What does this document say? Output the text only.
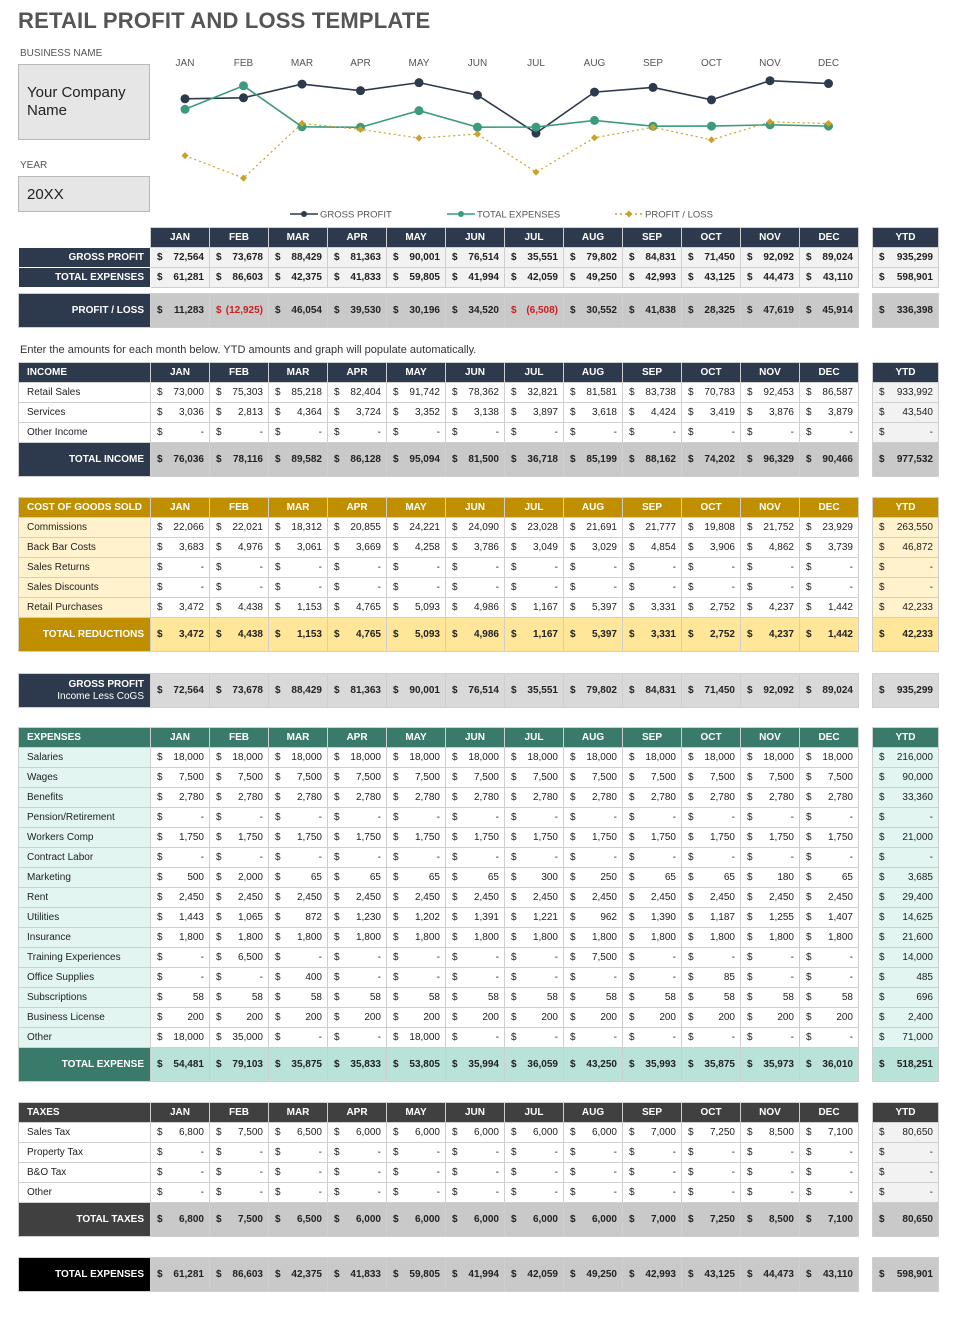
RETAIL PROFIT AND LOSS TEMPLATE
BUSINESS NAME
Your Company Name
YEAR
20XX
JAN	FEB	MAR	APR	MAY	JUN	JUL	AUG	SEP	OCT	NOV	DEC
GROSS PROFIT	TOTAL EXPENSES	PROFIT / LOSS
Enter the amounts for each month below. YTD amounts and graph will populate automatically.
	JAN	FEB	MAR	APR	MAY	JUN	JUL	AUG	SEP	OCT	NOV	DEC		YTD
GROSS PROFIT	$ 72,564	$ 73,678	$ 88,429	$ 81,363	$ 90,001	$ 76,514	$ 35,551	$ 79,802	$ 84,831	$ 71,450	$ 92,092	$ 89,024		$ 935,299

TOTAL EXPENSES	$ 61,281	$ 86,603	$ 42,375	$ 41,833	$ 59,805	$ 41,994	$ 42,059	$ 49,250	$ 42,993	$ 43,125	$ 44,473	$ 43,110		$ 598,901

PROFIT / LOSS	$ 11,283	$ (12,925)	$ 46,054	$ 39,530	$ 30,196	$ 34,520	$ (6,508)	$ 30,552	$ 41,838	$ 28,325	$ 47,619	$ 45,914		$ 336,398
INCOME	JAN	FEB	MAR	APR	MAY	JUN	JUL	AUG	SEP	OCT	NOV	DEC		YTD
Retail Sales	$ 73,000	$ 75,303	$ 85,218	$ 82,404	$ 91,742	$ 78,362	$ 32,821	$ 81,581	$ 83,738	$ 70,783	$ 92,453	$ 86,587		$ 933,992

Services	$ 3,036	$ 2,813	$ 4,364	$ 3,724	$ 3,352	$ 3,138	$ 3,897	$ 3,618	$ 4,424	$ 3,419	$ 3,876	$ 3,879		$ 43,540

Other Income	$ -	$ -	$ -	$ -	$ -	$ -	$ -	$ -	$ -	$ -	$ -	$ -		$ -

TOTAL INCOME	$ 76,036	$ 78,116	$ 89,582	$ 86,128	$ 95,094	$ 81,500	$ 36,718	$ 85,199	$ 88,162	$ 74,202	$ 96,329	$ 90,466		$ 977,532
COST OF GOODS SOLD	JAN	FEB	MAR	APR	MAY	JUN	JUL	AUG	SEP	OCT	NOV	DEC		YTD
Commissions	$ 22,066	$ 22,021	$ 18,312	$ 20,855	$ 24,221	$ 24,090	$ 23,028	$ 21,691	$ 21,777	$ 19,808	$ 21,752	$ 23,929		$ 263,550

Back Bar Costs	$ 3,683	$ 4,976	$ 3,061	$ 3,669	$ 4,258	$ 3,786	$ 3,049	$ 3,029	$ 4,854	$ 3,906	$ 4,862	$ 3,739		$ 46,872

Sales Returns	$ -	$ -	$ -	$ -	$ -	$ -	$ -	$ -	$ -	$ -	$ -	$ -		$ -

Sales Discounts	$ -	$ -	$ -	$ -	$ -	$ -	$ -	$ -	$ -	$ -	$ -	$ -		$ -

Retail Purchases	$ 3,472	$ 4,438	$ 1,153	$ 4,765	$ 5,093	$ 4,986	$ 1,167	$ 5,397	$ 3,331	$ 2,752	$ 4,237	$ 1,442		$ 42,233

TOTAL REDUCTIONS	$ 3,472	$ 4,438	$ 1,153	$ 4,765	$ 5,093	$ 4,986	$ 1,167	$ 5,397	$ 3,331	$ 2,752	$ 4,237	$ 1,442		$ 42,233
GROSS PROFIT
Income Less CoGS	$ 72,564	$ 73,678	$ 88,429	$ 81,363	$ 90,001	$ 76,514	$ 35,551	$ 79,802	$ 84,831	$ 71,450	$ 92,092	$ 89,024		$ 935,299
EXPENSES	JAN	FEB	MAR	APR	MAY	JUN	JUL	AUG	SEP	OCT	NOV	DEC		YTD
Salaries	$ 18,000	$ 18,000	$ 18,000	$ 18,000	$ 18,000	$ 18,000	$ 18,000	$ 18,000	$ 18,000	$ 18,000	$ 18,000	$ 18,000		$ 216,000

Wages	$ 7,500	$ 7,500	$ 7,500	$ 7,500	$ 7,500	$ 7,500	$ 7,500	$ 7,500	$ 7,500	$ 7,500	$ 7,500	$ 7,500		$ 90,000

Benefits	$ 2,780	$ 2,780	$ 2,780	$ 2,780	$ 2,780	$ 2,780	$ 2,780	$ 2,780	$ 2,780	$ 2,780	$ 2,780	$ 2,780		$ 33,360

Pension/Retirement	$ -	$ -	$ -	$ -	$ -	$ -	$ -	$ -	$ -	$ -	$ -	$ -		$ -

Workers Comp	$ 1,750	$ 1,750	$ 1,750	$ 1,750	$ 1,750	$ 1,750	$ 1,750	$ 1,750	$ 1,750	$ 1,750	$ 1,750	$ 1,750		$ 21,000

Contract Labor	$ -	$ -	$ -	$ -	$ -	$ -	$ -	$ -	$ -	$ -	$ -	$ -		$ -

Marketing	$ 500	$ 2,000	$ 65	$ 65	$ 65	$ 65	$ 300	$ 250	$ 65	$ 65	$ 180	$ 65		$ 3,685

Rent	$ 2,450	$ 2,450	$ 2,450	$ 2,450	$ 2,450	$ 2,450	$ 2,450	$ 2,450	$ 2,450	$ 2,450	$ 2,450	$ 2,450		$ 29,400

Utilities	$ 1,443	$ 1,065	$ 872	$ 1,230	$ 1,202	$ 1,391	$ 1,221	$ 962	$ 1,390	$ 1,187	$ 1,255	$ 1,407		$ 14,625

Insurance	$ 1,800	$ 1,800	$ 1,800	$ 1,800	$ 1,800	$ 1,800	$ 1,800	$ 1,800	$ 1,800	$ 1,800	$ 1,800	$ 1,800		$ 21,600

Training Experiences	$ -	$ 6,500	$ -	$ -	$ -	$ -	$ -	$ 7,500	$ -	$ -	$ -	$ -		$ 14,000

Office Supplies	$ -	$ -	$ 400	$ -	$ -	$ -	$ -	$ -	$ -	$ 85	$ -	$ -		$ 485

Subscriptions	$ 58	$ 58	$ 58	$ 58	$ 58	$ 58	$ 58	$ 58	$ 58	$ 58	$ 58	$ 58		$ 696

Business License	$ 200	$ 200	$ 200	$ 200	$ 200	$ 200	$ 200	$ 200	$ 200	$ 200	$ 200	$ 200		$ 2,400

Other	$ 18,000	$ 35,000	$ -	$ -	$ 18,000	$ -	$ -	$ -	$ -	$ -	$ -	$ -		$ 71,000

TOTAL EXPENSE	$ 54,481	$ 79,103	$ 35,875	$ 35,833	$ 53,805	$ 35,994	$ 36,059	$ 43,250	$ 35,993	$ 35,875	$ 35,973	$ 36,010		$ 518,251
TAXES	JAN	FEB	MAR	APR	MAY	JUN	JUL	AUG	SEP	OCT	NOV	DEC		YTD
Sales Tax	$ 6,800	$ 7,500	$ 6,500	$ 6,000	$ 6,000	$ 6,000	$ 6,000	$ 6,000	$ 7,000	$ 7,250	$ 8,500	$ 7,100		$ 80,650

Property Tax	$ -	$ -	$ -	$ -	$ -	$ -	$ -	$ -	$ -	$ -	$ -	$ -		$ -

B&O Tax	$ -	$ -	$ -	$ -	$ -	$ -	$ -	$ -	$ -	$ -	$ -	$ -		$ -

Other	$ -	$ -	$ -	$ -	$ -	$ -	$ -	$ -	$ -	$ -	$ -	$ -		$ -

TOTAL TAXES	$ 6,800	$ 7,500	$ 6,500	$ 6,000	$ 6,000	$ 6,000	$ 6,000	$ 6,000	$ 7,000	$ 7,250	$ 8,500	$ 7,100		$ 80,650
TOTAL EXPENSES	$ 61,281	$ 86,603	$ 42,375	$ 41,833	$ 59,805	$ 41,994	$ 42,059	$ 49,250	$ 42,993	$ 43,125	$ 44,473	$ 43,110		$ 598,901
